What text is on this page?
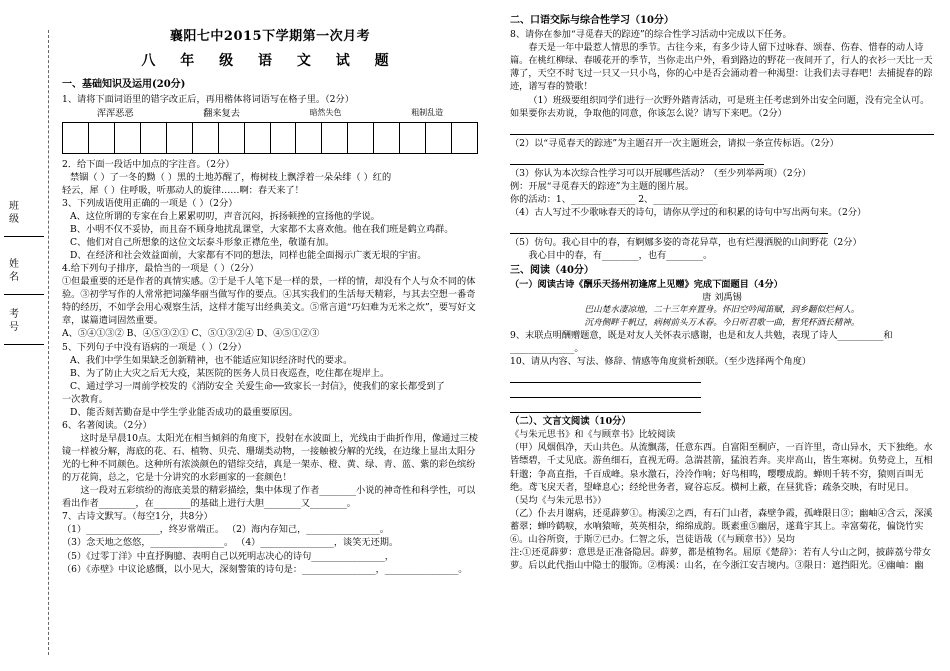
班级
姓名
考号

襄阳七中2015下学期第一次月考

八 年 级 语 文 试 题

一、基础知识及运用(20分)

1、请将下面词语里的错字改正后，再用楷体将词语写在格子里。（2分）

浑浑恶恶	翻来复去	暗然失色	粗制乱造

2．给下面一段话中加点的字注音。（2分）

禁锢（ ）了一冬的黝（ ）黑的土地苏醒了，梅树枝上飘浮着一朵朵绯（ ）红的

轻云，犀（ ）住呼吸，听那动人的旋律……啊：春天来了！

3、下列成语使用正确的一项是（ ）（2分）

A、这位所谓的专家在台上累累叨叨，声音沉闷，拆扬顿挫的宣扬他的学说。

B、小明不仅不妥协，而且奋不顾身地扰乱课堂，大家都不太喜欢他。他在我们班是鹤立鸡群。

C、他们对自己所想象的这位文坛泰斗形象正襟危坐，敬谨有加。

D、在经济和社会效益面前，大家都有不同的想法，同样也能全面揭示广袤无垠的宇宙。

4.给下列句子排序，最恰当的一项是（ ）（2分）

①但最重要的还是作者的真情实感。②于是千人笔下是一样的景，一样的情，却没有个人与众不同的体验。③初学写作的人常常把词藻华丽当做写作的要点。④其实我们的生活每天精彩，与其去空想一番奇特的经历，不如学会用心观察生活，这样才能写出经典美文。⑤常言道“巧妇难为无米之炊”，要写好文章，谋篇遣词固然重要。

A、⑤④①③② B、④⑤③②① C、⑤①③②④ D、④⑤①②③

5、下列句子中没有语病的一项是（ ）（2分）

A、我们中学生如果缺乏创新精神，也不能适应知识经济时代的要求。

B、为了防止大灾之后无大疫，某医院的医务人员日夜巡查，吃住都在堤岸上。

C、通过学习一周前学校发的《消防安全 关爱生命──致家长一封信》，使我们的家长都受到了

一次教育。

D、能否刻苦勤奋是中学生学业能否成功的最重要原因。

6、名著阅读。（2分）

这时是早晨10点。太阳光在相当倾斜的角度下，投射在水波面上，光线由于曲折作用，像通过三棱镜一样被分解，海底的花、石、植物、贝壳、珊瑚类动物，一接触被分解的光线，在边缘上显出太阳分光的七种不同颜色。这种所有浓淡颜色的错综交结，真是一架赤、橙、黄、绿、青、蓝、紫的彩色缤纷的万花筒，总之，它是十分讲究的水彩画家的一套颜色！

这一段对五彩缤纷的海底美景的精彩描绘，集中体现了作者________小说的神奇性和科学性，可以看出作者________，在________的基础上进行大胆________又________。

7、古诗文默写。（每空1分，共8分）

（1）________________，终岁常端正。 （2）海内存知己，________________。

（3）念天地之悠悠，________________。 （4）________________，谈笑无还期。

（5）《过零丁洋》中直抒胸臆、表明自己以死明志决心的诗句________________，

（6）《赤壁》中议论感慨，以小见大，深刻警策的诗句是：________________，________________。

二、口语交际与综合性学习（10分）

8、请你在参加“寻觅春天的踪迹”的综合性学习活动中完成以下任务。

春天是一年中最惹人情思的季节。古往今来，有多少诗人留下过咏春、颂春、伤春、惜春的动人诗篇。在桃红柳绿、春暖花开的季节，当你走出户外，看到路边的野花一夜间开了，行人的衣衫一天比一天薄了，天空不时飞过一只又一只小鸟，你的心中是否会涌动着一种渴望：让我们去寻春吧！去捕捉春的踪迹，谱写春的赞歌！

（1）班级要组织同学们进行一次野外踏青活动，可是班主任考虑到外出安全问题，没有完全认可。如果要你去劝说，争取他的同意，你该怎么说？请写下来吧。（2分）

（2）以“寻觅春天的踪迹”为主题召开一次主题班会，请拟一条宣传标语。（2分）

（3）你认为本次综合性学习可以开展哪些活动？（至少列举两项）（2分）

例：开展“寻觅春天的踪迹”为主题的图片展。

你的活动：1、______________ 2、______________

（4）古人写过不少歌咏春天的诗句，请你从学过的和积累的诗句中写出两句来。（2分）

（5）仿句。我心目中的春，有婀娜多姿的奇花异草，也有烂漫洒脱的山间野花（2分）

我心目中的春，有________，也有________。

三、阅读（40分）

（一）阅读古诗《酬乐天扬州初逢席上见赠》完成下面题目（4分）

唐 刘禹锡

巴山楚水凄凉地，二十三年弃置身。怀旧空吟闻笛赋，到乡翻似烂柯人。

沉舟侧畔千帆过，病树前头万木春。今日听君歌一曲，暂凭杯酒长精神。

9、末联点明酬赠题意，既是对友人关怀表示感谢，也是和友人共勉，表现了诗人__________和______________。

10、请从内容、写法、修辞、情感等角度赏析颈联。（至少选择两个角度）

（二）、文言文阅读（10分）

《与朱元思书》和《与顾章书》比较阅读

（甲）风烟俱净，天山共色。从流飘荡，任意东西。自富阳至桐庐，一百许里，奇山异水，天下独绝。水皆缥碧，千丈见底。游鱼细石，直视无碍。急湍甚箭，猛浪若奔。夹岸高山，皆生寒树。负势竞上，互相轩邈；争高直指，千百成峰。泉水激石，泠泠作响；好鸟相鸣，嘤嘤成韵。蝉则千转不穷，猿则百叫无绝。鸢飞戾天者，望峰息心；经纶世务者，窥谷忘反。横柯上蔽，在昼犹昏；疏条交映，有时见日。

（吴均《与朱元思书》）

（乙）仆去月谢病，还觅薜萝①。梅溪②之西，有石门山者，森壁争霞，孤峰限日③；幽岫④含云，深溪蓄翠；蝉吟鹤唳，水响猿啼，英英相杂，绵绵成韵。既素重⑤幽居，遂葺宇其上。幸富菊花，偏饶竹实⑥。山谷所资，于斯⑦已办。仁智之乐，岂徒语哉（《与顾章书》）吴均

注:①还觅薜萝：意思是正准备隐居。薜萝，都是植物名。屈原《楚辞》：若有人兮山之阿，披薜荔兮带女萝。后以此代指山中隐士的服饰。②梅溪：山名，在今浙江安吉境内。③限日：遮挡阳光。④幽岫：幽
